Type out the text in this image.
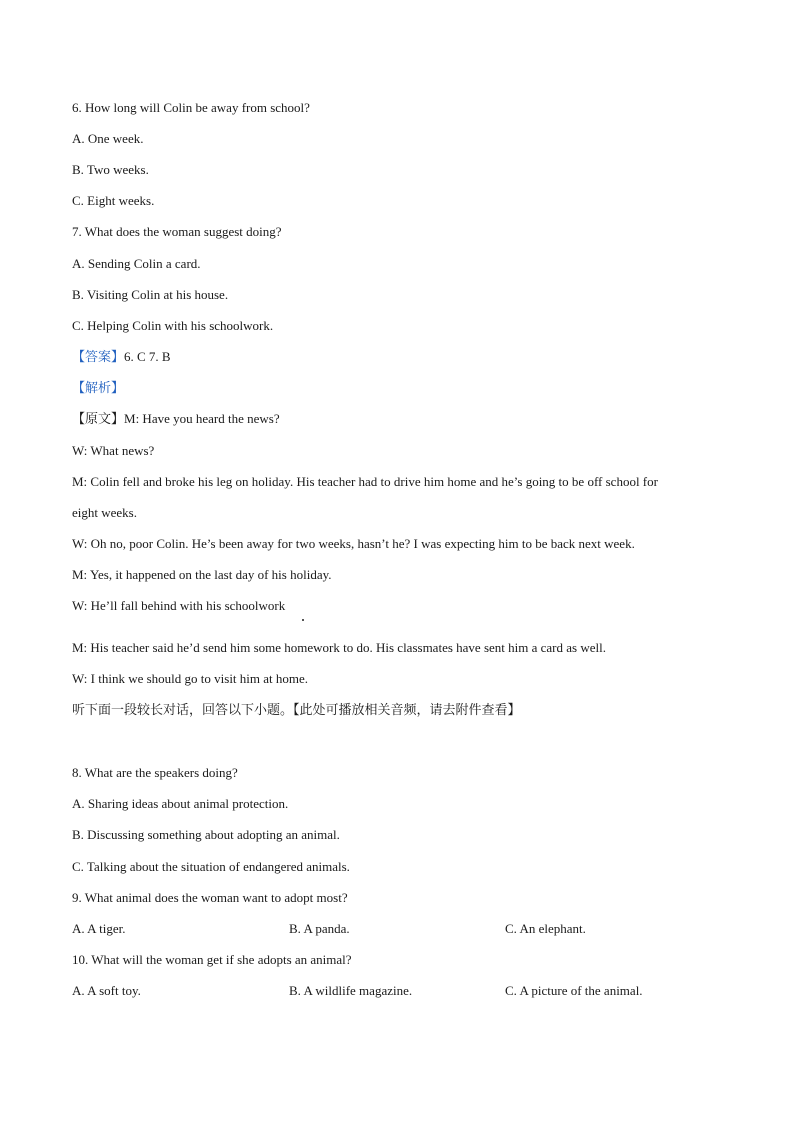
6. How long will Colin be away from school?
A. One week.
B. Two weeks.
C. Eight weeks.
7. What does the woman suggest doing?
A. Sending Colin a card.
B. Visiting Colin at his house.
C. Helping Colin with his schoolwork.
【答案】6. C 7. B
【解析】
【原文】M: Have you heard the news?
W: What news?
M: Colin fell and broke his leg on holiday. His teacher had to drive him home and he’s going to be off school for
eight weeks.
W: Oh no, poor Colin. He’s been away for two weeks, hasn’t he? I was expecting him to be back next week.
M: Yes, it happened on the last day of his holiday.
W: He’ll fall behind with his schoolwork
M: His teacher said he’d send him some homework to do. His classmates have sent him a card as well.
W: I think we should go to visit him at home.
听下面一段较长对话，回答以下小题。【此处可播放相关音频，请去附件查看】
8. What are the speakers doing?
A. Sharing ideas about animal protection.
B. Discussing something about adopting an animal.
C. Talking about the situation of endangered animals.
9. What animal does the woman want to adopt most?
A. A tiger.	B. A panda.	C. An elephant.
10. What will the woman get if she adopts an animal?
A. A soft toy.	B. A wildlife magazine.	C. A picture of the animal.
